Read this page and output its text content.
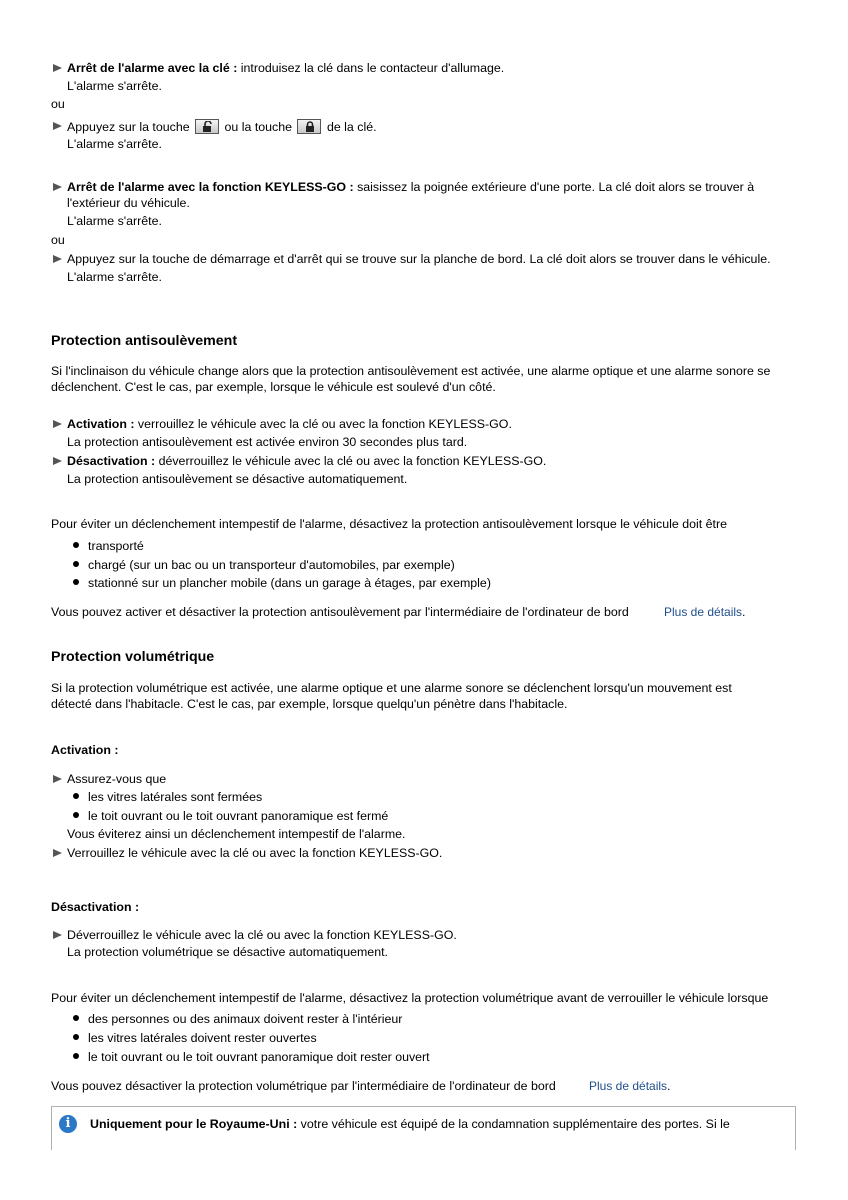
Arrêt de l'alarme avec la clé : introduisez la clé dans le contacteur d'allumage.
L'alarme s'arrête.
ou
Appuyez sur la touche	ou la touche	de la clé.
L'alarme s'arrête.
Arrêt de l'alarme avec la fonction KEYLESS-GO : saisissez la poignée extérieure d'une porte. La clé doit alors se trouver à
l'extérieur du véhicule.
L'alarme s'arrête.
ou
Appuyez sur la touche de démarrage et d'arrêt qui se trouve sur la planche de bord. La clé doit alors se trouver dans le véhicule.
L'alarme s'arrête.
Protection antisoulèvement
Si l'inclinaison du véhicule change alors que la protection antisoulèvement est activée, une alarme optique et une alarme sonore se
déclenchent. C'est le cas, par exemple, lorsque le véhicule est soulevé d'un côté.
Activation : verrouillez le véhicule avec la clé ou avec la fonction KEYLESS-GO.
La protection antisoulèvement est activée environ 30 secondes plus tard.
Désactivation : déverrouillez le véhicule avec la clé ou avec la fonction KEYLESS-GO.
La protection antisoulèvement se désactive automatiquement.
Pour éviter un déclenchement intempestif de l'alarme, désactivez la protection antisoulèvement lorsque le véhicule doit être
transporté
chargé (sur un bac ou un transporteur d'automobiles, par exemple)
stationné sur un plancher mobile (dans un garage à étages, par exemple)
Vous pouvez activer et désactiver la protection antisoulèvement par l'intermédiaire de l'ordinateur de bord	Plus de détails.
Protection volumétrique
Si la protection volumétrique est activée, une alarme optique et une alarme sonore se déclenchent lorsqu'un mouvement est
détecté dans l'habitacle. C'est le cas, par exemple, lorsque quelqu'un pénètre dans l'habitacle.
Activation :
Assurez-vous que
les vitres latérales sont fermées
le toit ouvrant ou le toit ouvrant panoramique est fermé
Vous éviterez ainsi un déclenchement intempestif de l'alarme.
Verrouillez le véhicule avec la clé ou avec la fonction KEYLESS-GO.
Désactivation :
Déverrouillez le véhicule avec la clé ou avec la fonction KEYLESS-GO.
La protection volumétrique se désactive automatiquement.
Pour éviter un déclenchement intempestif de l'alarme, désactivez la protection volumétrique avant de verrouiller le véhicule lorsque
des personnes ou des animaux doivent rester à l'intérieur
les vitres latérales doivent rester ouvertes
le toit ouvrant ou le toit ouvrant panoramique doit rester ouvert
Vous pouvez désactiver la protection volumétrique par l'intermédiaire de l'ordinateur de bord	Plus de détails.
i	Uniquement pour le Royaume-Uni : votre véhicule est équipé de la condamnation supplémentaire des portes. Si le
